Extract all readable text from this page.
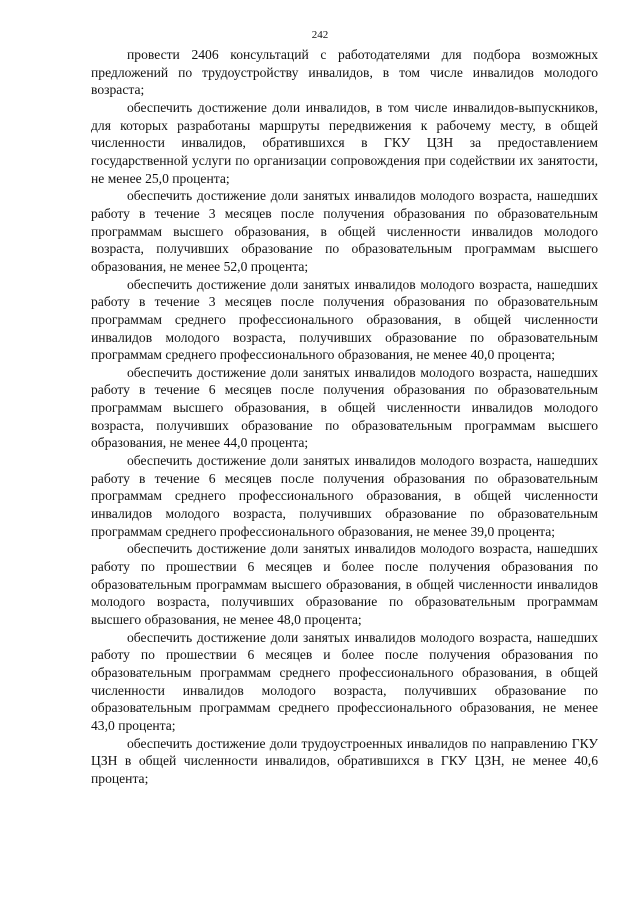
242

провести 2406 консультаций с работодателями для подбора возможных предложений по трудоустройству инвалидов, в том числе инвалидов молодого возраста;

обеспечить достижение доли инвалидов, в том числе инвалидов-выпускников, для которых разработаны маршруты передвижения к рабочему месту, в общей численности инвалидов, обратившихся в ГКУ ЦЗН за предоставлением государственной услуги по организации сопровождения при содействии их занятости, не менее 25,0 процента;

обеспечить достижение доли занятых инвалидов молодого возраста, нашедших работу в течение 3 месяцев после получения образования по образовательным программам высшего образования, в общей численности инвалидов молодого возраста, получивших образование по образовательным программам высшего образования, не менее 52,0 процента;

обеспечить достижение доли занятых инвалидов молодого возраста, нашедших работу в течение 3 месяцев после получения образования по образовательным программам среднего профессионального образования, в общей численности инвалидов молодого возраста, получивших образование по образовательным программам среднего профессионального образования, не менее 40,0 процента;

обеспечить достижение доли занятых инвалидов молодого возраста, нашедших работу в течение 6 месяцев после получения образования по образовательным программам высшего образования, в общей численности инвалидов молодого возраста, получивших образование по образовательным программам высшего образования, не менее 44,0 процента;

обеспечить достижение доли занятых инвалидов молодого возраста, нашедших работу в течение 6 месяцев после получения образования по образовательным программам среднего профессионального образования, в общей численности инвалидов молодого возраста, получивших образование по образовательным программам среднего профессионального образования, не менее 39,0 процента;

обеспечить достижение доли занятых инвалидов молодого возраста, нашедших работу по прошествии 6 месяцев и более после получения образования по образовательным программам высшего образования, в общей численности инвалидов молодого возраста, получивших образование по образовательным программам высшего образования, не менее 48,0 процента;

обеспечить достижение доли занятых инвалидов молодого возраста, нашедших работу по прошествии 6 месяцев и более после получения образования по образовательным программам среднего профессионального образования, в общей численности инвалидов молодого возраста, получивших образование по образовательным программам среднего профессионального образования, не менее 43,0 процента;

обеспечить достижение доли трудоустроенных инвалидов по направлению ГКУ ЦЗН в общей численности инвалидов, обратившихся в ГКУ ЦЗН, не менее 40,6 процента;
